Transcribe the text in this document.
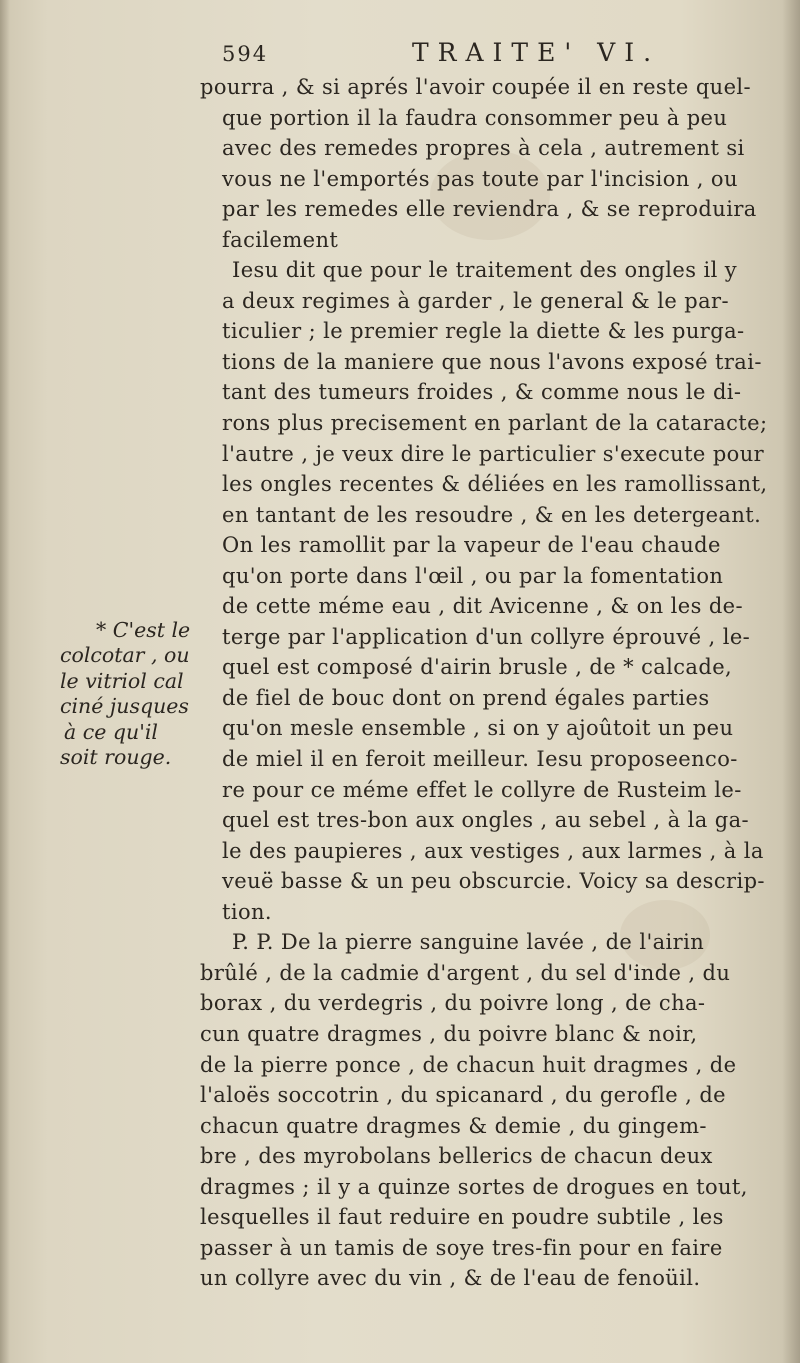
594	TRAITE' VI.
pourra , & si aprés l'avoir coupée il en reste quel-
que portion il la faudra consommer peu à peu
avec des remedes propres à cela , autrement si
vous ne l'emportés pas toute par l'incision , ou
par les remedes elle reviendra , & se reproduira
facilement
Iesu dit que pour le traitement des ongles il y
a deux regimes à garder , le general & le par-
ticulier ; le premier regle la diette & les purga-
tions de la maniere que nous l'avons exposé trai-
tant des tumeurs froides , & comme nous le di-
rons plus precisement en parlant de la cataracte;
l'autre , je veux dire le particulier s'execute pour
les ongles recentes & déliées en les ramollissant,
en tantant de les resoudre , & en les detergeant.
On les ramollit par la vapeur de l'eau chaude
qu'on porte dans l'œil , ou par la fomentation
de cette méme eau , dit Avicenne , & on les de-
terge par l'application d'un collyre éprouvé , le-
quel est composé d'airin brusle , de * calcade,
de fiel de bouc dont on prend égales parties
qu'on mesle ensemble , si on y ajoûtoit un peu
de miel il en feroit meilleur. Iesu proposeenco-
re pour ce méme effet le collyre de Rusteim le-
quel est tres-bon aux ongles , au sebel , à la ga-
le des paupieres , aux vestiges , aux larmes , à la
veuë basse & un peu obscurcie. Voicy sa descrip-
tion.
P. P. De la pierre sanguine lavée , de l'airin
brûlé , de la cadmie d'argent , du sel d'inde , du
borax , du verdegris , du poivre long , de cha-
cun quatre dragmes , du poivre blanc & noir,
de la pierre ponce , de chacun huit dragmes , de
l'aloës soccotrin , du spicanard , du gerofle , de
chacun quatre dragmes & demie , du gingem-
bre , des myrobolans bellerics de chacun deux
dragmes ; il y a quinze sortes de drogues en tout,
lesquelles il faut reduire en poudre subtile , les
passer à un tamis de soye tres-fin pour en faire
un collyre avec du vin , & de l'eau de fenoüil.
* C'est le
colcotar , ou
le vitriol cal
ciné jusques
à ce qu'il
soit rouge.
